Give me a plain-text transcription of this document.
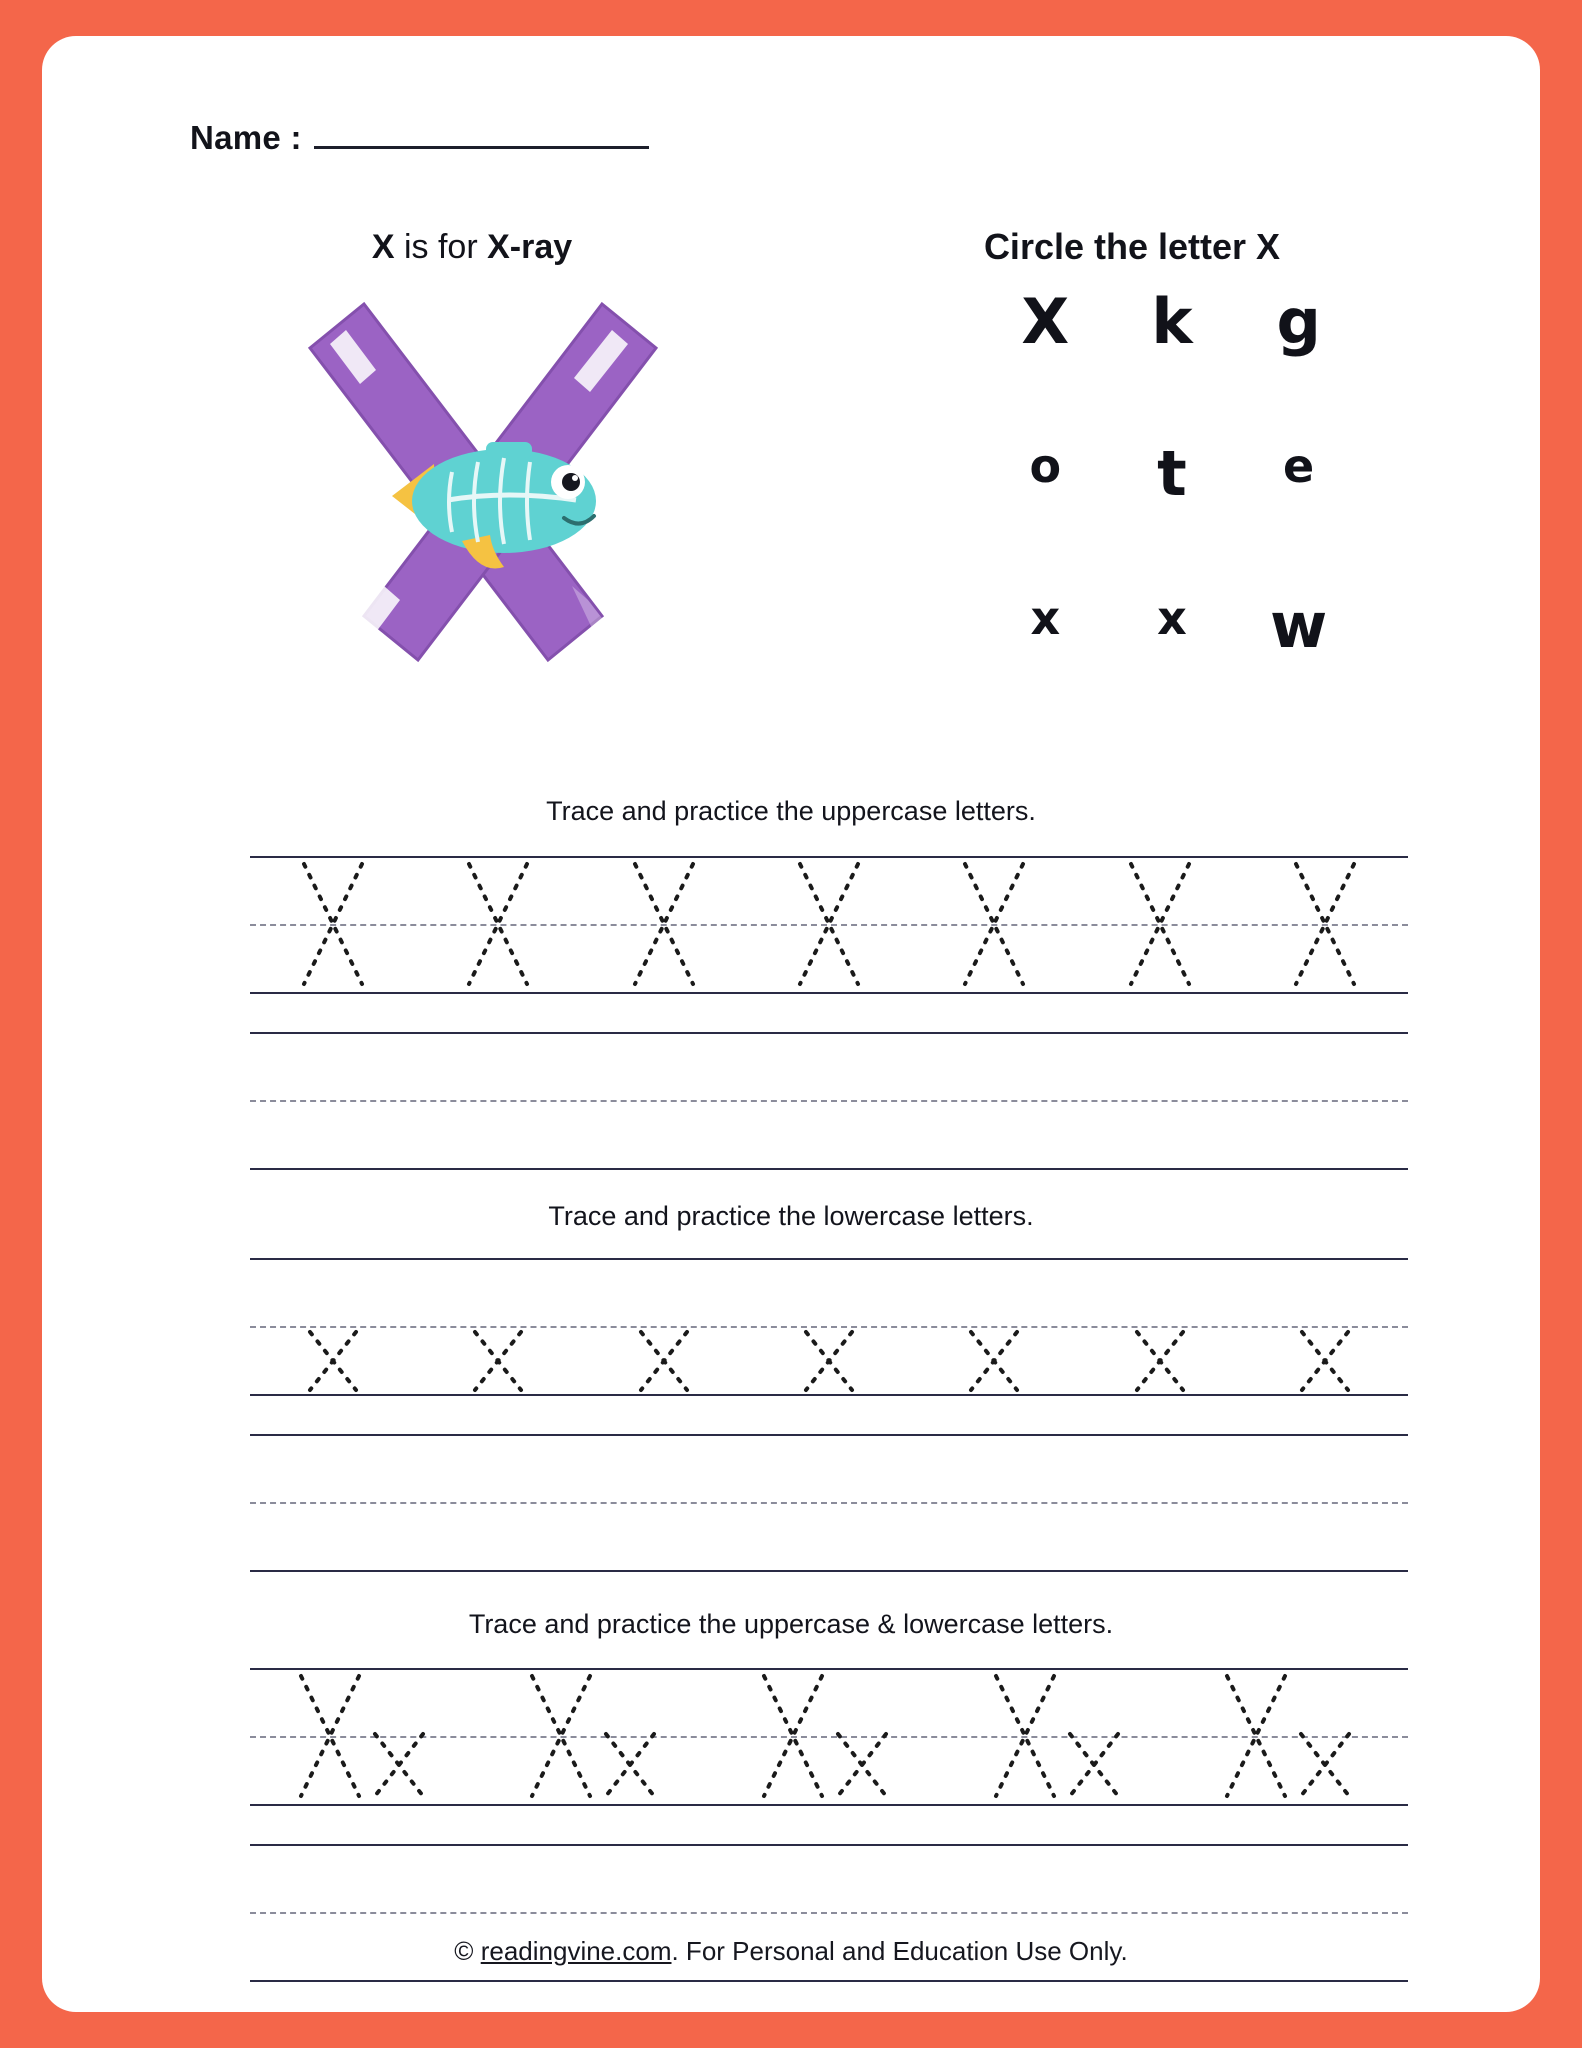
Name :
X is for X-ray	Circle the letter X
X	k	g
o	t	e
x	x	w
Trace and practice the uppercase letters.
Trace and practice the lowercase letters.
Trace and practice the uppercase & lowercase letters.
© readingvine.com. For Personal and Education Use Only.
